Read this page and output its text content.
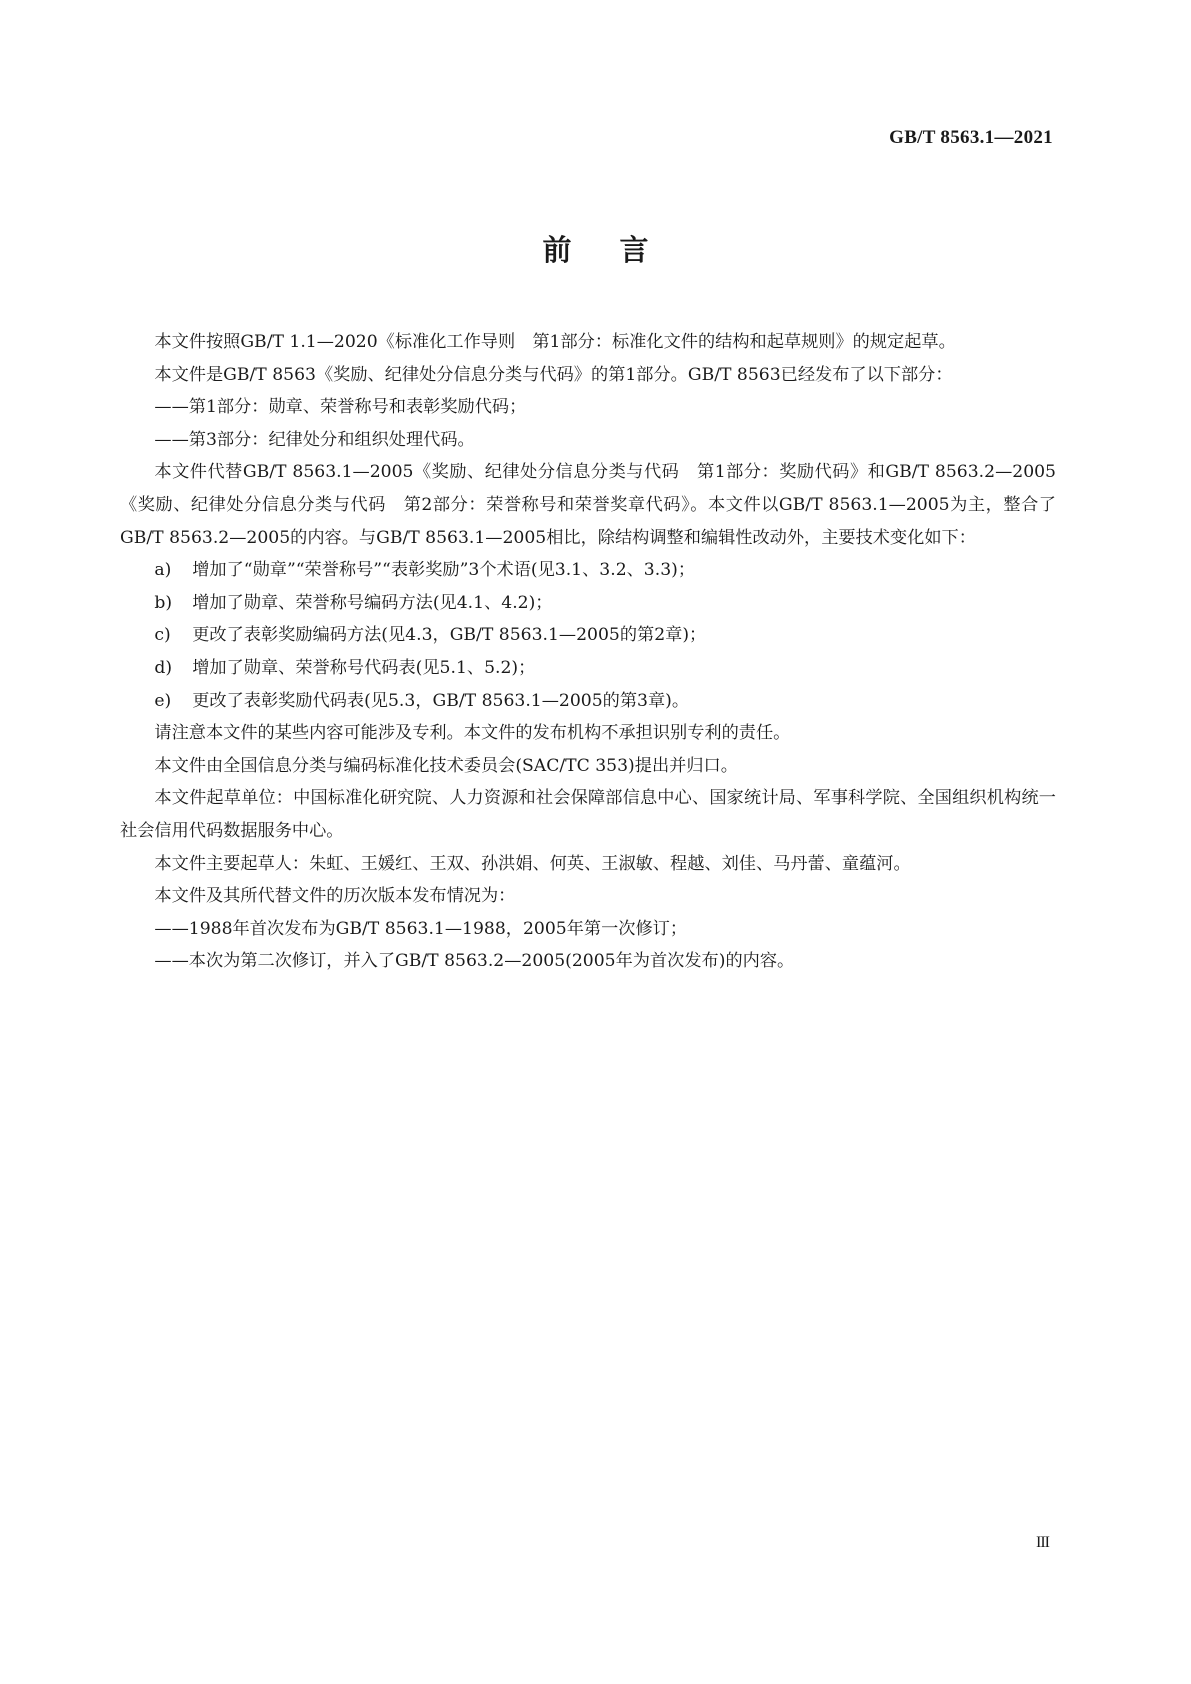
GB/T 8563.1—2021
前言

本文件按照GB/T 1.1—2020《标准化工作导则　第1部分：标准化文件的结构和起草规则》的规定起草。

本文件是GB/T 8563《奖励、纪律处分信息分类与代码》的第1部分。GB/T 8563已经发布了以下部分：

——第1部分：勋章、荣誉称号和表彰奖励代码；

——第3部分：纪律处分和组织处理代码。

本文件代替GB/T 8563.1—2005《奖励、纪律处分信息分类与代码　第1部分：奖励代码》和GB/T 8563.2—2005《奖励、纪律处分信息分类与代码　第2部分：荣誉称号和荣誉奖章代码》。本文件以GB/T 8563.1—2005为主，整合了GB/T 8563.2—2005的内容。与GB/T 8563.1—2005相比，除结构调整和编辑性改动外，主要技术变化如下：

a) 增加了“勋章”“荣誉称号”“表彰奖励”3个术语(见3.1、3.2、3.3)；

b) 增加了勋章、荣誉称号编码方法(见4.1、4.2)；

c) 更改了表彰奖励编码方法(见4.3，GB/T 8563.1—2005的第2章)；

d) 增加了勋章、荣誉称号代码表(见5.1、5.2)；

e) 更改了表彰奖励代码表(见5.3，GB/T 8563.1—2005的第3章)。

请注意本文件的某些内容可能涉及专利。本文件的发布机构不承担识别专利的责任。

本文件由全国信息分类与编码标准化技术委员会(SAC/TC 353)提出并归口。

本文件起草单位：中国标准化研究院、人力资源和社会保障部信息中心、国家统计局、军事科学院、全国组织机构统一社会信用代码数据服务中心。

本文件主要起草人：朱虹、王媛红、王双、孙洪娟、何英、王淑敏、程越、刘佳、马丹蕾、童蕴河。

本文件及其所代替文件的历次版本发布情况为：

——1988年首次发布为GB/T 8563.1—1988，2005年第一次修订；

——本次为第二次修订，并入了GB/T 8563.2—2005(2005年为首次发布)的内容。

III
